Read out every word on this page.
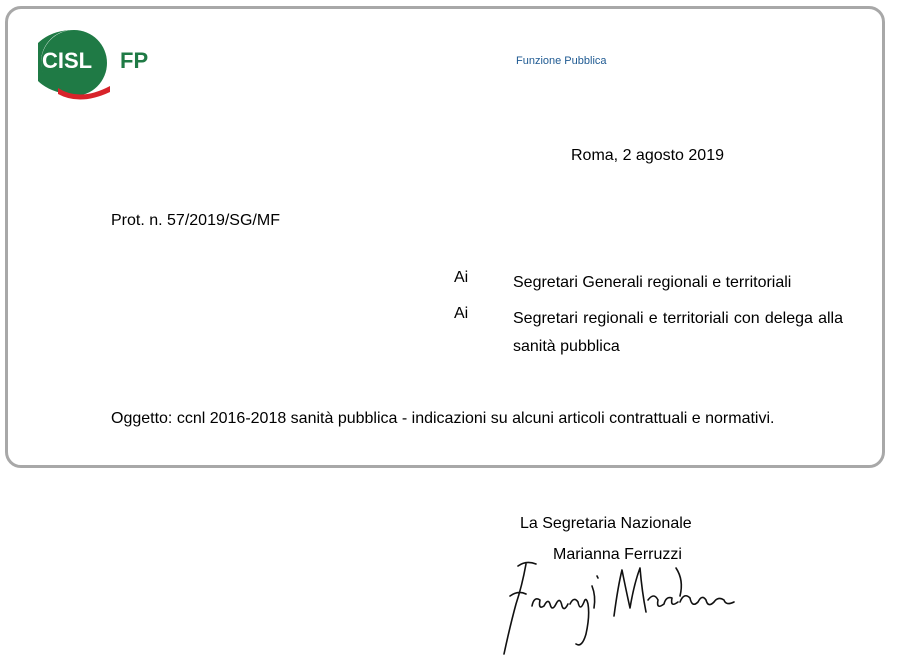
CISL FP	Funzione Pubblica
Roma, 2 agosto 2019
Prot. n. 57/2019/SG/MF
Ai	Segretari Generali regionali e territoriali
Ai	Segretari regionali e territoriali con delega alla sanità pubblica
Oggetto: ccnl 2016-2018 sanità pubblica - indicazioni su alcuni articoli contrattuali e normativi.
La Segretaria Nazionale
Marianna Ferruzzi
